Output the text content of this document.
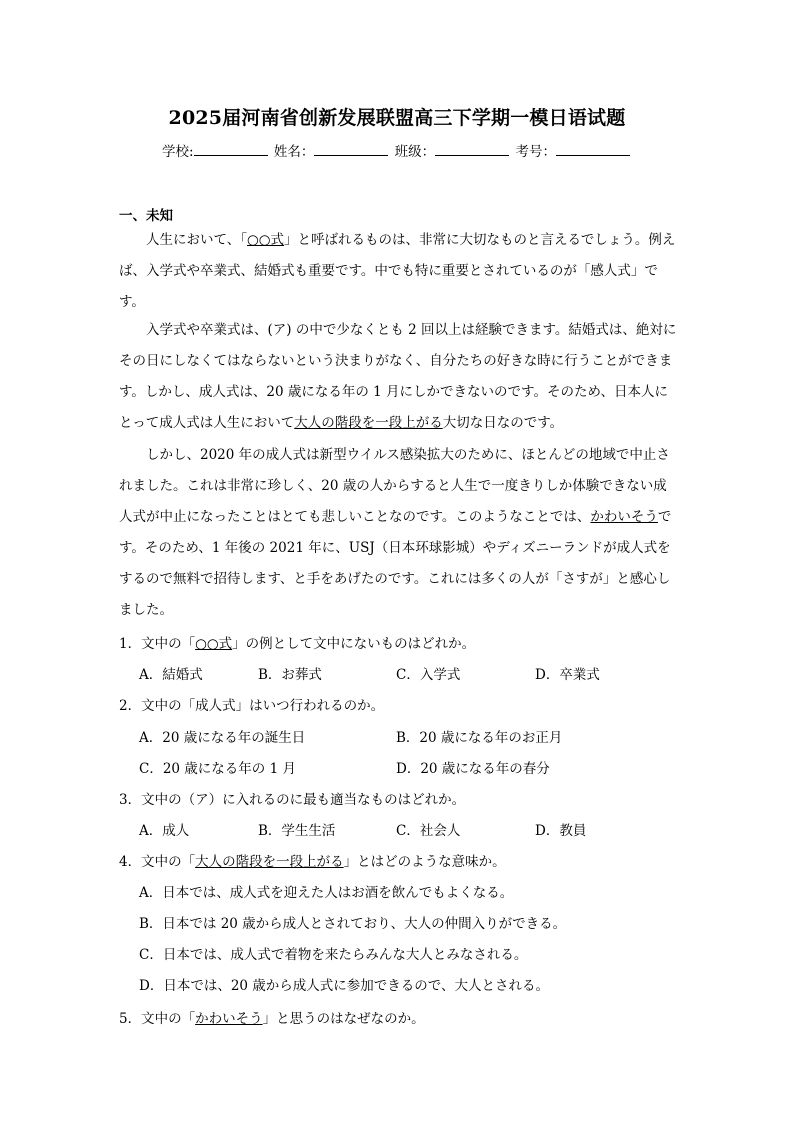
2025届河南省创新发展联盟高三下学期一模日语试题
学校:	姓名：	班级：	考号：
一、未知
人生において、「○○式」と呼ばれるものは、非常に大切なものと言えるでしょう。例えば、入学式や卒業式、結婚式も重要です。中でも特に重要とされているのが「感人式」です。
入学式や卒業式は、(ア) の中で少なくとも 2 回以上は経験できます。結婚式は、絶対にその日にしなくてはならないという決まりがなく、自分たちの好きな時に行うことができます。しかし、成人式は、20 歳になる年の 1 月にしかできないのです。そのため、日本人にとって成人式は人生において大人の階段を一段上がる大切な日なのです。
しかし、2020 年の成人式は新型ウイルス感染拡大のために、ほとんどの地域で中止されました。これは非常に珍しく、20 歳の人からすると人生で一度きりしか体験できない成人式が中止になったことはとても悲しいことなのです。このようなことでは、かわいそうです。そのため、1 年後の 2021 年に、USJ（日本环球影城）やディズニーランドが成人式をするので無料で招待します、と手をあげたのです。これには多くの人が「さすが」と感心しました。
1．文中の「○○式」の例として文中にないものはどれか。
A．結婚式	B．お葬式	C．入学式	D．卒業式
2．文中の「成人式」はいつ行われるのか。
A．20 歳になる年の誕生日	B．20 歳になる年のお正月
C．20 歳になる年の 1 月	D．20 歳になる年の春分
3．文中の（ア）に入れるのに最も適当なものはどれか。
A．成人	B．学生生活	C．社会人	D．教員
4．文中の「大人の階段を一段上がる」とはどのような意味か。
A．日本では、成人式を迎えた人はお酒を飲んでもよくなる。
B．日本では 20 歳から成人とされており、大人の仲間入りができる。
C．日本では、成人式で着物を来たらみんな大人とみなされる。
D．日本では、20 歳から成人式に参加できるので、大人とされる。
5．文中の「かわいそう」と思うのはなぜなのか。
